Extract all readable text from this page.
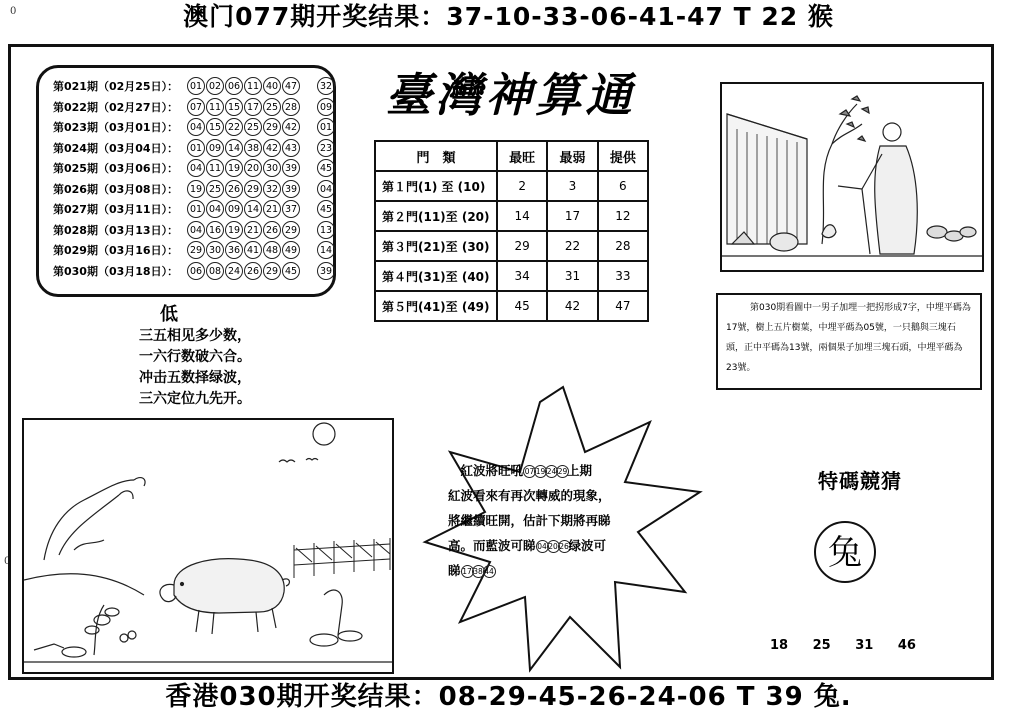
0
0
澳门077期开奖结果：37-10-33-06-41-47 T 22 猴
第021期（02月25日）：	01 02 06 11 40 47	32
第022期（02月27日）：	07 11 15 17 25 28	09
第023期（03月01日）：	04 15 22 25 29 42	01
第024期（03月04日）：	01 09 14 38 42 43	23
第025期（03月06日）：	04 11 19 20 30 39	45
第026期（03月08日）：	19 25 26 29 32 39	04
第027期（03月11日）：	01 04 09 14 21 37	45
第028期（03月13日）：	04 16 19 21 26 29	13
第029期（03月16日）：	29 30 36 41 48 49	14
第030期（03月18日）：	06 08 24 26 29 45	39
臺灣神算通
門　類	最旺	最弱	提供
第１門(1) 至 (10)	2	3	6
第２門(11)至 (20)	14	17	12
第３門(21)至 (30)	29	22	28
第４門(31)至 (40)	34	31	33
第５門(41)至 (49)	45	42	47
低
三五相见多少数，
一六行数破六合。
冲击五数择绿波，
三六定位九先开。
第030期看圖中一男子加埋一把拐形成7字，中埋平碼為17號，樹上五片樹葉，中埋平碼為05號，一只鵝與三塊石頭，正中平碼為13號，兩個果子加埋三塊石頭，中埋平碼為23號。
　紅波將旺吼 07192429上期
紅波看來有再次轉威的現象，
將繼續旺開，估計下期將再睇
高。而藍波可睇 042026绿波可
睇 173844
特碼競猜
兔
18 25 31 46
香港030期开奖结果：08-29-45-26-24-06 T 39 兔.
